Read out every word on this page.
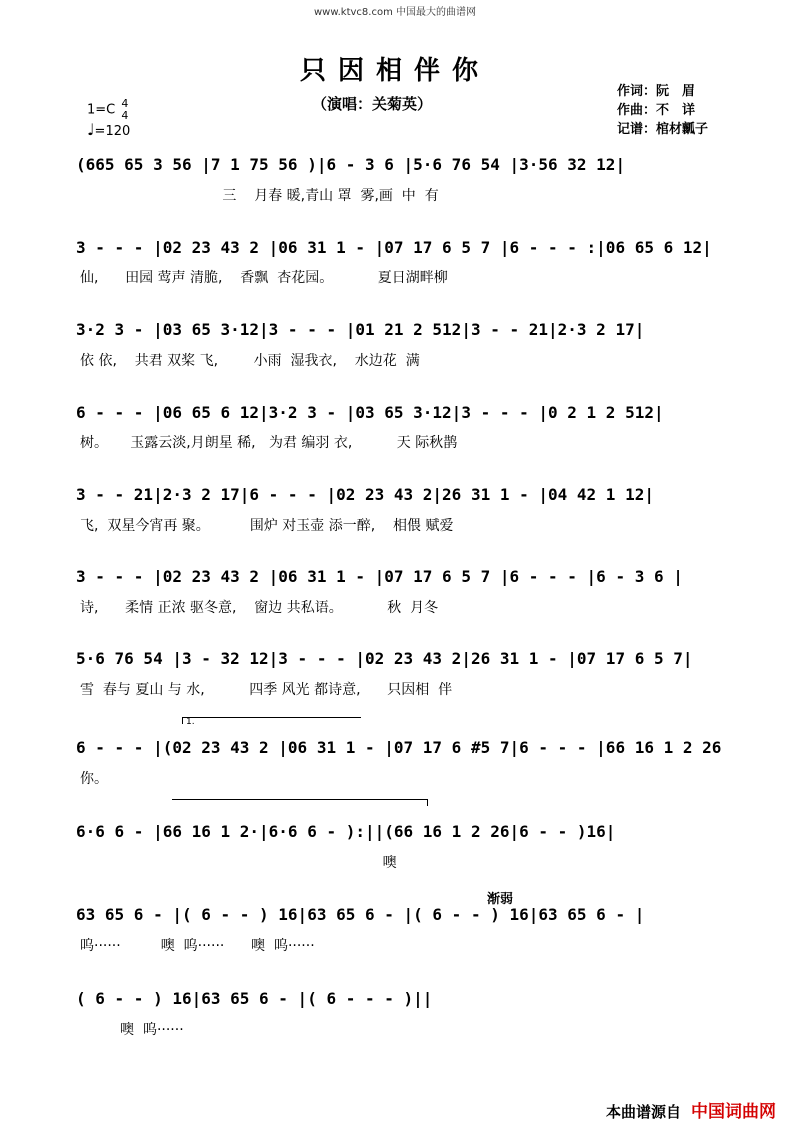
www.ktvc8.com 中国最大的曲谱网
只因相伴你
（演唱：关菊英）
作词：阮　眉
作曲：不　详
记谱：棺材瓤子
1=C 4
4
♩=120
1.
渐弱
(665 65 3 56 |7 1 75 56 )|6 - 3 6 |5·6 76 54 |3·56 32 12|
三    月春 暖,青山 罩  雾,画  中  有
3 - - - |02 23 43 2 |06 31 1 - |07 17 6 5 7 |6 - - - :|06 65 6 12|
仙,      田园 莺声 清脆,    香飘  杏花园。          夏日湖畔柳
3·2 3 - |03 65 3·12|3 - - - |01 21 2 512|3 - - 21|2·3 2 17|
依 依,    共君 双桨 飞,        小雨  湿我衣,    水边花  满
6 - - - |06 65 6 12|3·2 3 - |03 65 3·12|3 - - - |0 2 1 2 512|
树。     玉露云淡,月朗星 稀,   为君 编羽 衣,          天 际秋鹊
3 - - 21|2·3 2 17|6 - - - |02 23 43 2|26 31 1 - |04 42 1 12|
飞,  双星今宵再 聚。         围炉 对玉壶 添一醉,    相偎 赋爱
3 - - - |02 23 43 2 |06 31 1 - |07 17 6 5 7 |6 - - - |6 - 3 6 |
诗,      柔情 正浓 驱冬意,    窗边 共私语。          秋  月冬
5·6 76 54 |3 - 32 12|3 - - - |02 23 43 2|26 31 1 - |07 17 6 5 7|
雪  春与 夏山 与 水,          四季 风光 都诗意,      只因相  伴
6 - - - |(02 23 43 2 |06 31 1 - |07 17 6 #5 7|6 - - - |66 16 1 2 26
你。
6·6 6 - |66 16 1 2·|6·6 6 - ):||(66 16 1 2 26|6 - - )16|
噢
63 65 6 - |( 6 - - ) 16|63 65 6 - |( 6 - - ) 16|63 65 6 - |
呜······         噢  呜······      噢  呜······
( 6 - - ) 16|63 65 6 - |( 6 - - - )||
噢  呜······
本曲谱源自 中国词曲网
